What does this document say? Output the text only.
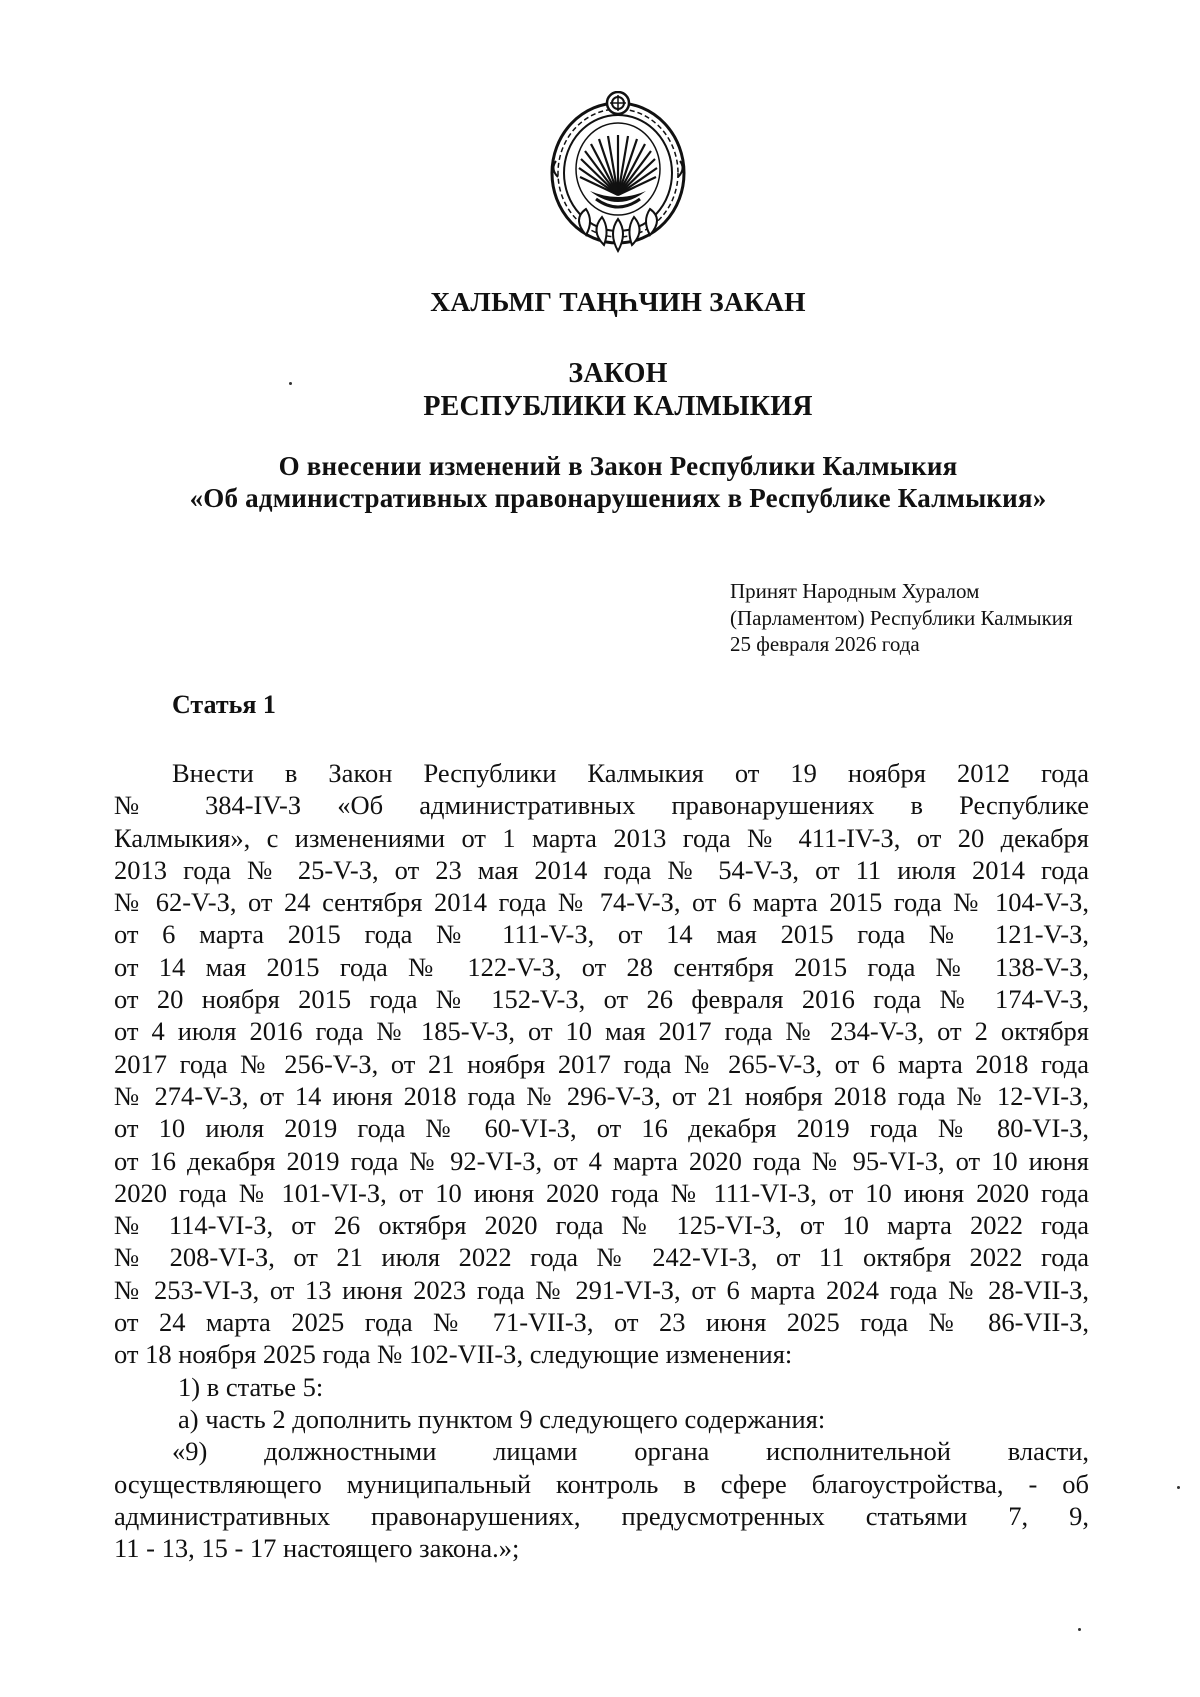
ХАЛЬМГ ТАҢҺЧИН ЗАКАН
ЗАКОН
РЕСПУБЛИКИ КАЛМЫКИЯ
О внесении изменений в Закон Республики Калмыкия
«Об административных правонарушениях в Республике Калмыкия»
Принят Народным Хуралом
(Парламентом) Республики Калмыкия
25 февраля 2026 года
Статья 1
Внести в Закон Республики Калмыкия от 19 ноября 2012 года
№ 384-IV-З «Об административных правонарушениях в Республике
Калмыкия», с изменениями от 1 марта 2013 года № 411-IV-З, от 20 декабря
2013 года № 25-V-З, от 23 мая 2014 года № 54-V-З, от 11 июля 2014 года
№ 62-V-З, от 24 сентября 2014 года № 74-V-З, от 6 марта 2015 года № 104-V-З,
от 6 марта 2015 года № 111-V-З, от 14 мая 2015 года № 121-V-З,
от 14 мая 2015 года № 122-V-З, от 28 сентября 2015 года № 138-V-З,
от 20 ноября 2015 года № 152-V-З, от 26 февраля 2016 года № 174-V-З,
от 4 июля 2016 года № 185-V-З, от 10 мая 2017 года № 234-V-З, от 2 октября
2017 года № 256-V-З, от 21 ноября 2017 года № 265-V-З, от 6 марта 2018 года
№ 274-V-З, от 14 июня 2018 года № 296-V-З, от 21 ноября 2018 года № 12-VI-З,
от 10 июля 2019 года № 60-VI-З, от 16 декабря 2019 года № 80-VI-З,
от 16 декабря 2019 года № 92-VI-З, от 4 марта 2020 года № 95-VI-З, от 10 июня
2020 года № 101-VI-З, от 10 июня 2020 года № 111-VI-З, от 10 июня 2020 года
№ 114-VI-З, от 26 октября 2020 года № 125-VI-З, от 10 марта 2022 года
№ 208-VI-З, от 21 июля 2022 года № 242-VI-З, от 11 октября 2022 года
№ 253-VI-З, от 13 июня 2023 года № 291-VI-З, от 6 марта 2024 года № 28-VII-З,
от 24 марта 2025 года № 71-VII-З, от 23 июня 2025 года № 86-VII-З,
от 18 ноября 2025 года № 102-VII-З, следующие изменения:
1) в статье 5:
а) часть 2 дополнить пунктом 9 следующего содержания:
«9) должностными лицами органа исполнительной власти,
осуществляющего муниципальный контроль в сфере благоустройства, - об
административных правонарушениях, предусмотренных статьями 7, 9,
11 - 13, 15 - 17 настоящего закона.»;
